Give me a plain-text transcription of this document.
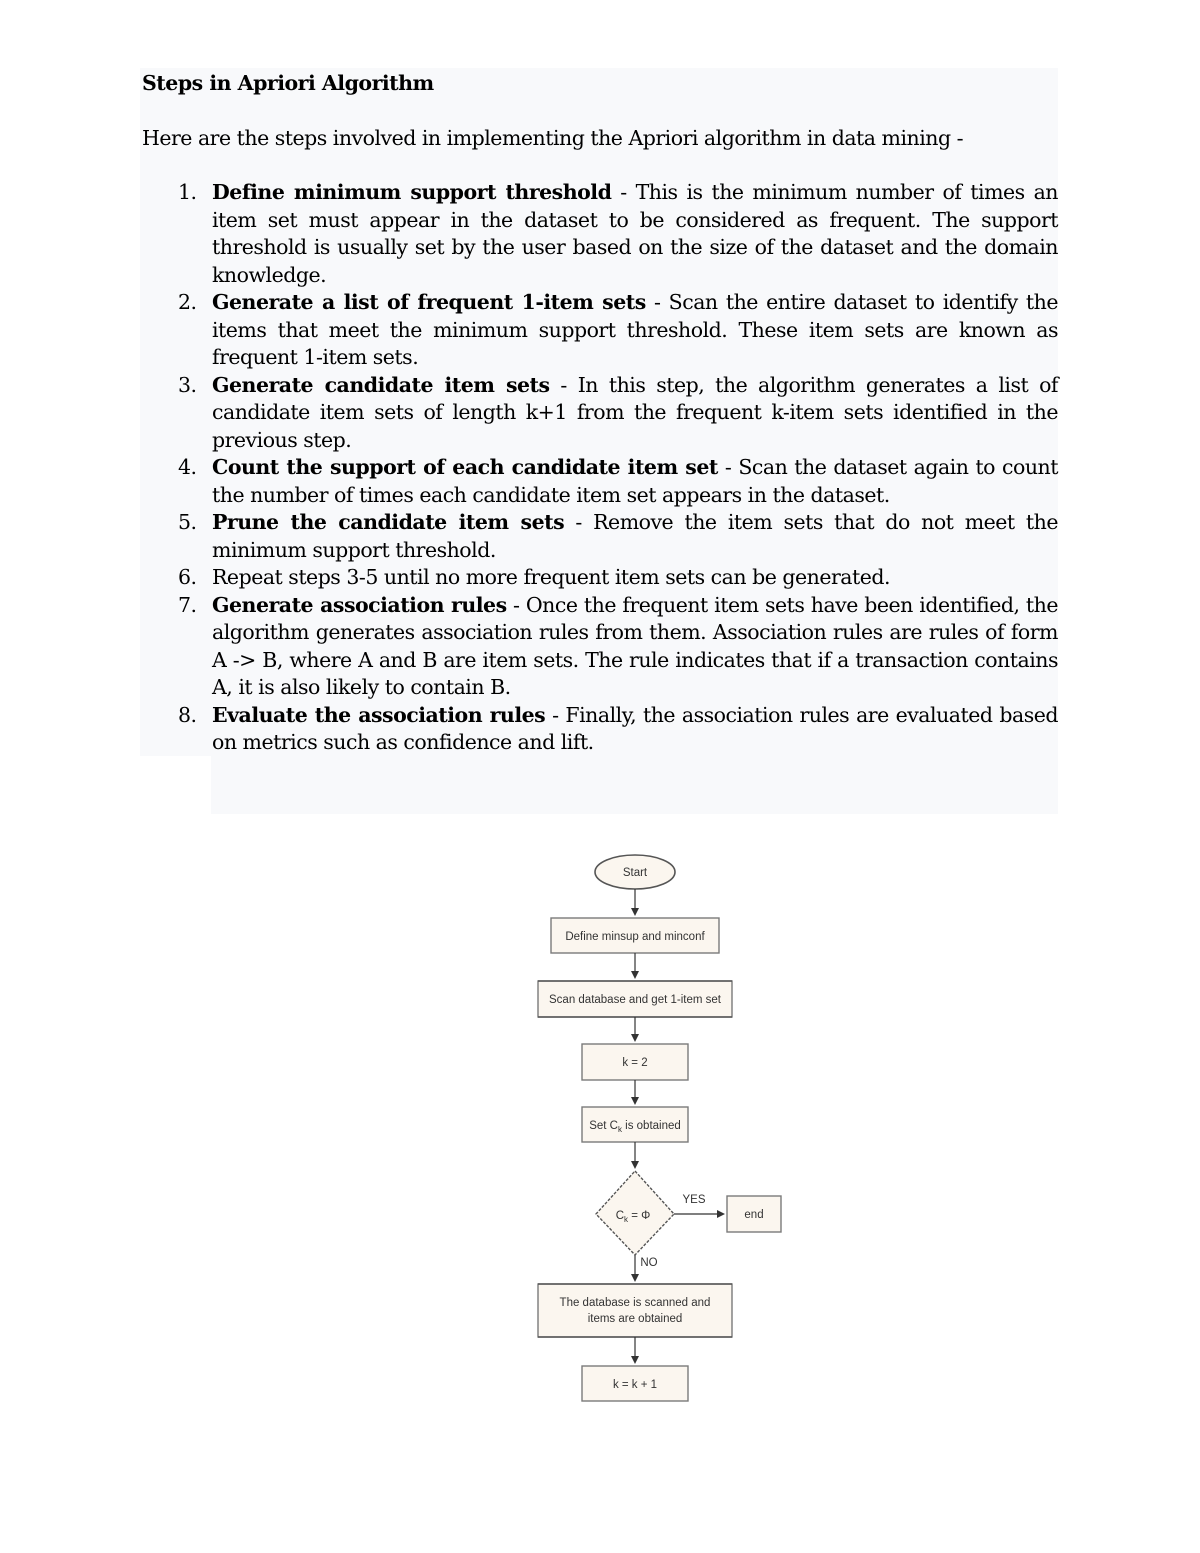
Steps in Apriori Algorithm

Here are the steps involved in implementing the Apriori algorithm in data mining -

1. Define minimum support threshold - This is the minimum number of times an item set must appear in the dataset to be considered as frequent. The support threshold is usually set by the user based on the size of the dataset and the domain knowledge.
2. Generate a list of frequent 1-item sets - Scan the entire dataset to identify the items that meet the minimum support threshold. These item sets are known as frequent 1-item sets.
3. Generate candidate item sets - In this step, the algorithm generates a list of candidate item sets of length k+1 from the frequent k-item sets identified in the previous step.
4. Count the support of each candidate item set - Scan the dataset again to count the number of times each candidate item set appears in the dataset.
5. Prune the candidate item sets - Remove the item sets that do not meet the minimum support threshold.
6. Repeat steps 3-5 until no more frequent item sets can be generated.
7. Generate association rules - Once the frequent item sets have been identified, the algorithm generates association rules from them. Association rules are rules of form A -> B, where A and B are item sets. The rule indicates that if a transaction contains A, it is also likely to contain B.
8. Evaluate the association rules - Finally, the association rules are evaluated based on metrics such as confidence and lift.
Start
Define minsup and minconf
Scan database and get 1-item set
k = 2
Set $C_k$ is obtained
$C_k = \Phi$
YES
end
NO
The database is scanned and
items are obtained
k = k + 1
